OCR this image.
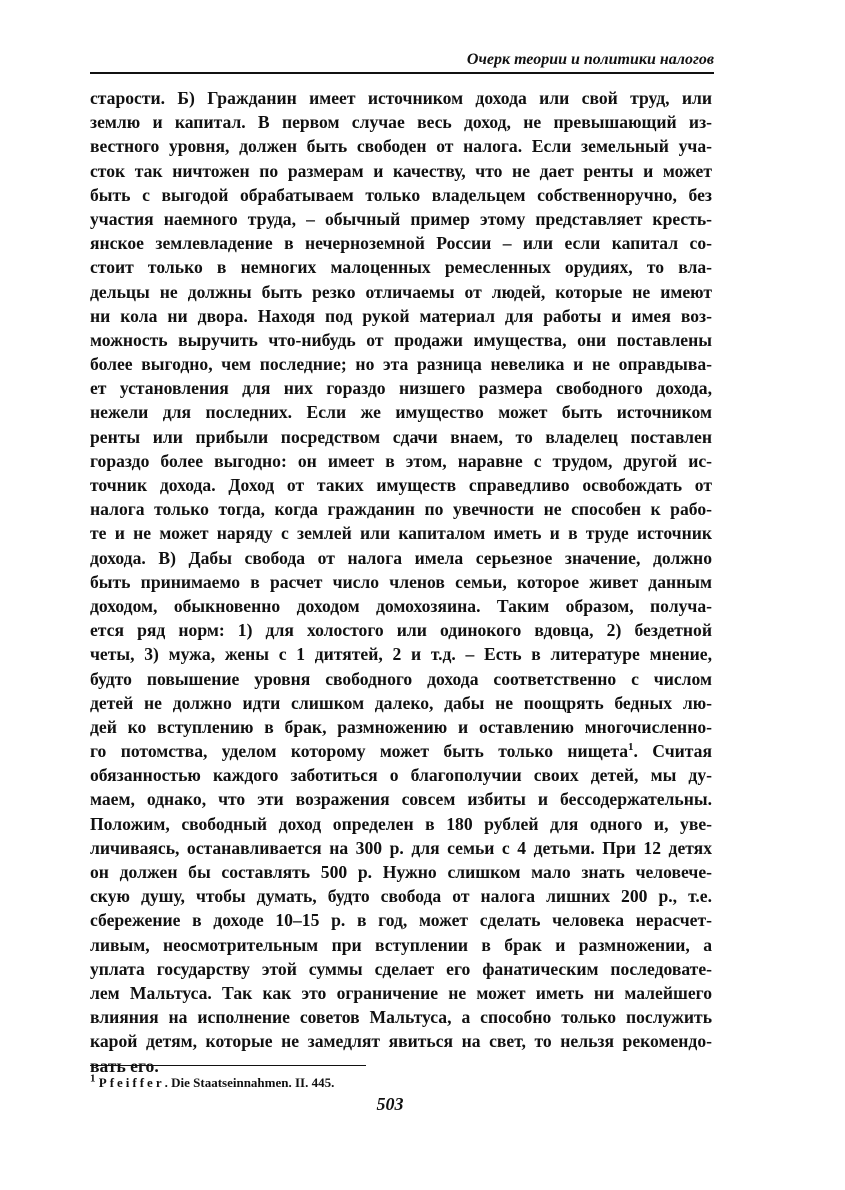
Очерк теории и политики налогов
старости. Б) Гражданин имеет источником дохода или свой труд, или
землю и капитал. В первом случае весь доход, не превышающий из-
вестного уровня, должен быть свободен от налога. Если земельный уча-
сток так ничтожен по размерам и качеству, что не дает ренты и может
быть с выгодой обрабатываем только владельцем собственноручно, без
участия наемного труда, – обычный пример этому представляет кресть-
янское землевладение в нечерноземной России – или если капитал со-
стоит только в немногих малоценных ремесленных орудиях, то вла-
дельцы не должны быть резко отличаемы от людей, которые не имеют
ни кола ни двора. Находя под рукой материал для работы и имея воз-
можность выручить что-нибудь от продажи имущества, они поставлены
более выгодно, чем последние; но эта разница невелика и не оправдыва-
ет установления для них гораздо низшего размера свободного дохода,
нежели для последних. Если же имущество может быть источником
ренты или прибыли посредством сдачи внаем, то владелец поставлен
гораздо более выгодно: он имеет в этом, наравне с трудом, другой ис-
точник дохода. Доход от таких имуществ справедливо освобождать от
налога только тогда, когда гражданин по увечности не способен к рабо-
те и не может наряду с землей или капиталом иметь и в труде источник
дохода. В) Дабы свобода от налога имела серьезное значение, должно
быть принимаемо в расчет число членов семьи, которое живет данным
доходом, обыкновенно доходом домохозяина. Таким образом, получа-
ется ряд норм: 1) для холостого или одинокого вдовца, 2) бездетной
четы, 3) мужа, жены с 1 дитятей, 2 и т.д. – Есть в литературе мнение,
будто повышение уровня свободного дохода соответственно с числом
детей не должно идти слишком далеко, дабы не поощрять бедных лю-
дей ко вступлению в брак, размножению и оставлению многочисленно-
го потомства, уделом которому может быть только нищета$^1$. Считая
обязанностью каждого заботиться о благополучии своих детей, мы ду-
маем, однако, что эти возражения совсем избиты и бессодержательны.
Положим, свободный доход определен в 180 рублей для одного и, уве-
личиваясь, останавливается на 300 р. для семьи с 4 детьми. При 12 детях
он должен бы составлять 500 р. Нужно слишком мало знать человече-
скую душу, чтобы думать, будто свобода от налога лишних 200 р., т.е.
сбережение в доходе 10–15 р. в год, может сделать человека нерасчет-
ливым, неосмотрительным при вступлении в брак и размножении, а
уплата государству этой суммы сделает его фанатическим последовате-
лем Мальтуса. Так как это ограничение не может иметь ни малейшего
влияния на исполнение советов Мальтуса, а способно только послужить
карой детям, которые не замедлят явиться на свет, то нельзя рекомендо-
вать его.
$^1$ Pfeiffer. Die Staatseinnahmen. II. 445.
503
